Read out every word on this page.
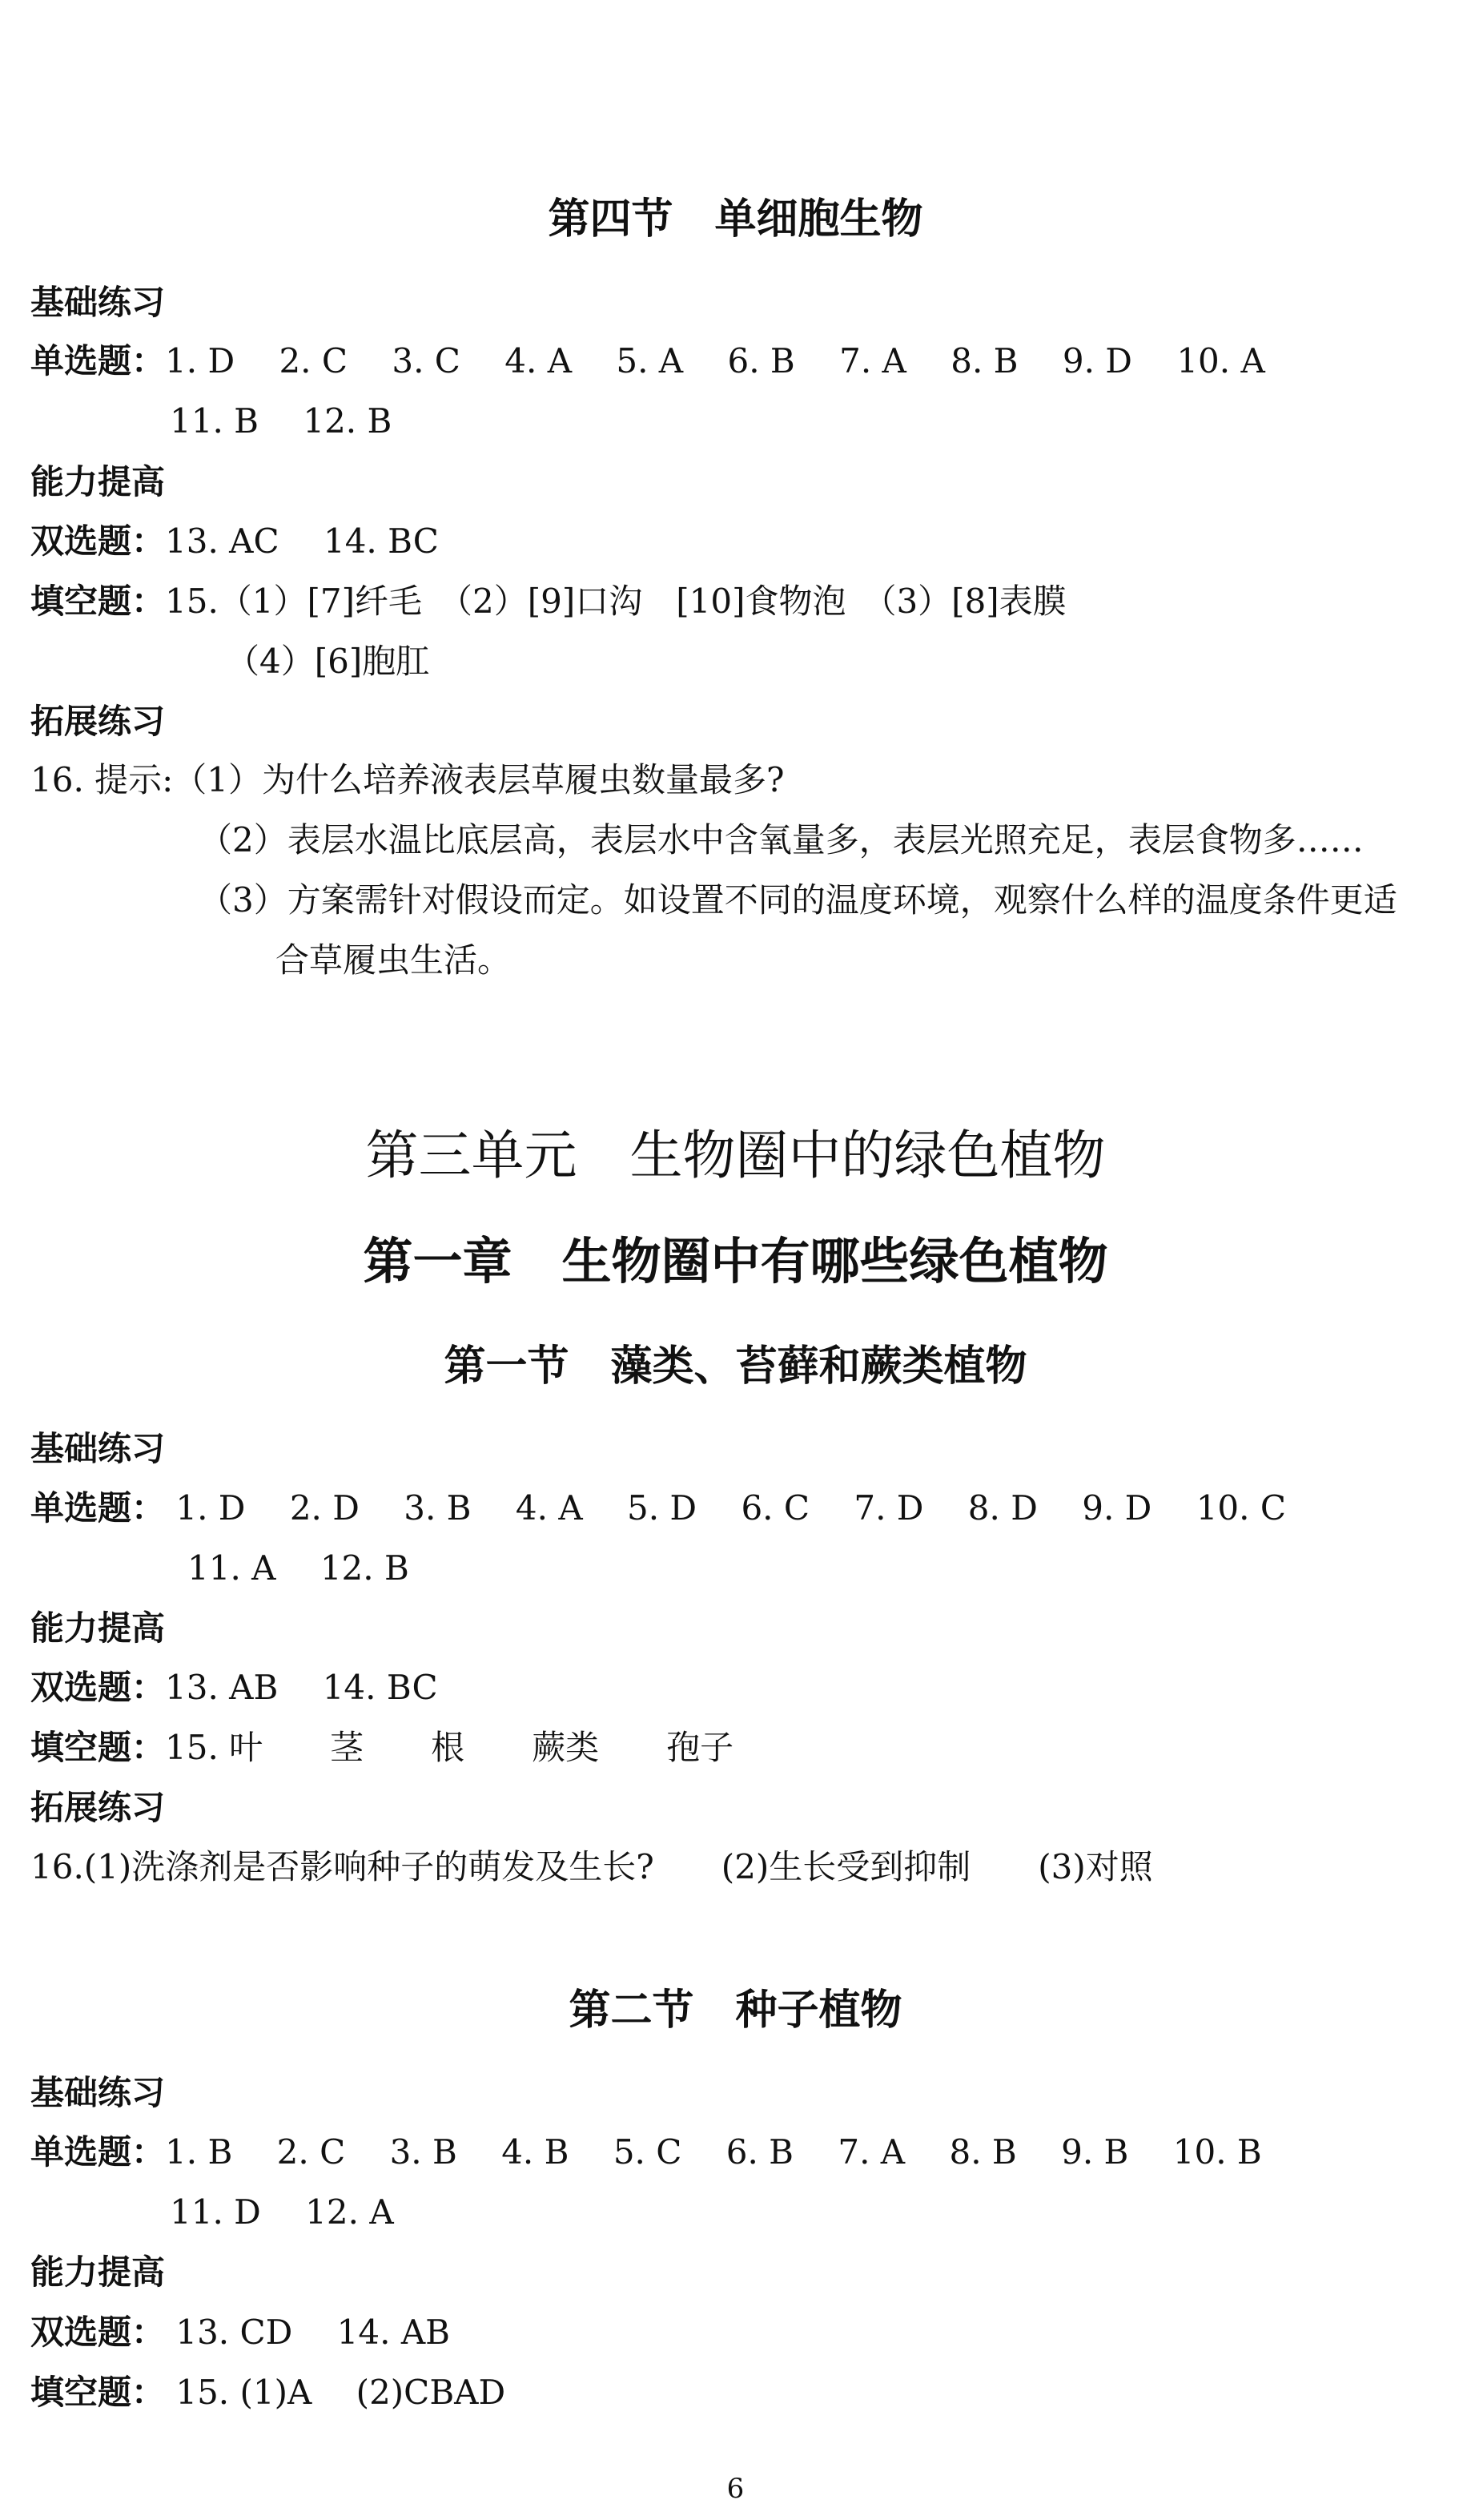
第四节　单细胞生物
基础练习
单选题：1. D　 2. C　 3. C　 4. A　 5. A　 6. B　 7. A　 8. B　 9. D　 10. A
11. B　 12. B
能力提高
双选题：13. AC　 14. BC
填空题：15.（1）[7]纤毛　（2）[9]口沟　[10]食物泡　（3）[8]表膜
（4）[6]胞肛
拓展练习
16. 提示:（1）为什么培养液表层草履虫数量最多?
（2）表层水温比底层高，表层水中含氧量多，表层光照充足，表层食物多……
（3）方案需针对假设而定。如设置不同的温度环境，观察什么样的温度条件更适
合草履虫生活。
第三单元　生物圈中的绿色植物
第一章　生物圈中有哪些绿色植物
第一节　藻类、苔藓和蕨类植物
基础练习
单选题： 1. D　 2. D　 3. B　 4. A　 5. D　 6. C　 7. D　 8. D　 9. D　 10. C
11. A　 12. B
能力提高
双选题：13. AB　 14. BC
填空题：15. 叶　　茎　　根　　蕨类　　孢子
拓展练习
16.(1)洗涤剂是否影响种子的萌发及生长?　　(2)生长受到抑制　　(3)对照
第二节　种子植物
基础练习
单选题：1. B　 2. C　 3. B　 4. B　 5. C　 6. B　 7. A　 8. B　 9. B　 10. B
11. D　 12. A
能力提高
双选题： 13. CD　 14. AB
填空题： 15. (1)A　 (2)CBAD
6
